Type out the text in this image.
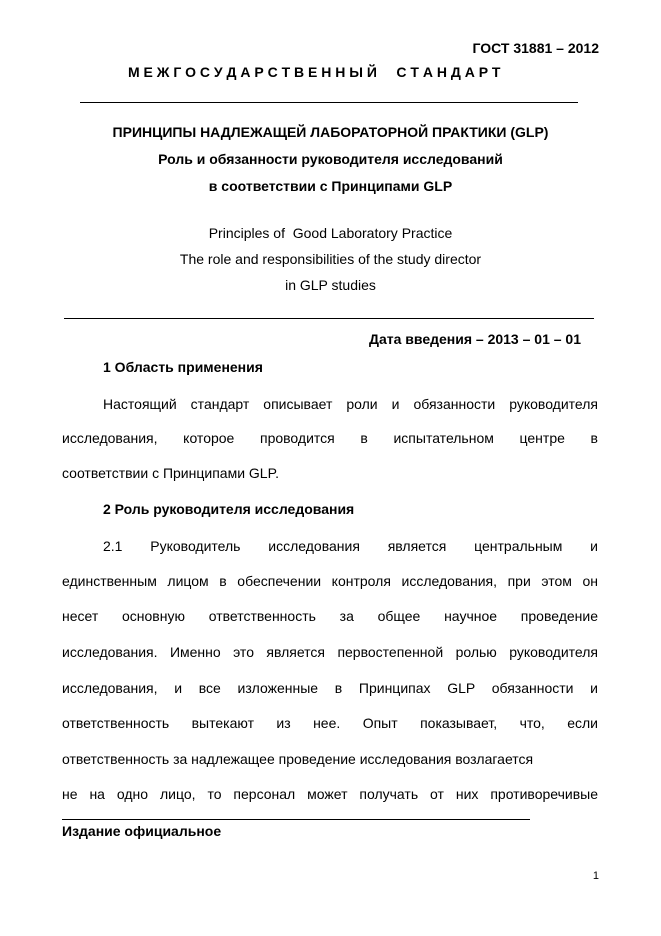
ГОСТ 31881 – 2012
М Е Ж Г О С У Д А Р С Т В Е Н Н Ы Й     С Т А Н Д А Р Т
ПРИНЦИПЫ НАДЛЕЖАЩЕЙ ЛАБОРАТОРНОЙ ПРАКТИКИ (GLP)
Роль и обязанности руководителя исследований
в соответствии с Принципами GLP
Principles of  Good Laboratory Practice
The role and responsibilities of the study director
in GLP studies
Дата введения – 2013 – 01 – 01
1 Область применения
Настоящий стандарт описывает роли и обязанности руководителя
исследования, которое проводится в испытательном центре в
соответствии с Принципами GLP.
2 Роль руководителя исследования
2.1 Руководитель исследования является центральным и
единственным лицом в обеспечении контроля исследования, при этом он
несет основную ответственность за общее научное проведение
исследования. Именно это является первостепенной ролью руководителя
исследования, и все изложенные в Принципах GLP обязанности и
ответственность вытекают из нее. Опыт показывает, что, если
ответственность за надлежащее проведение исследования возлагается
не на одно лицо, то персонал может получать от них противоречивые
Издание официальное
1
